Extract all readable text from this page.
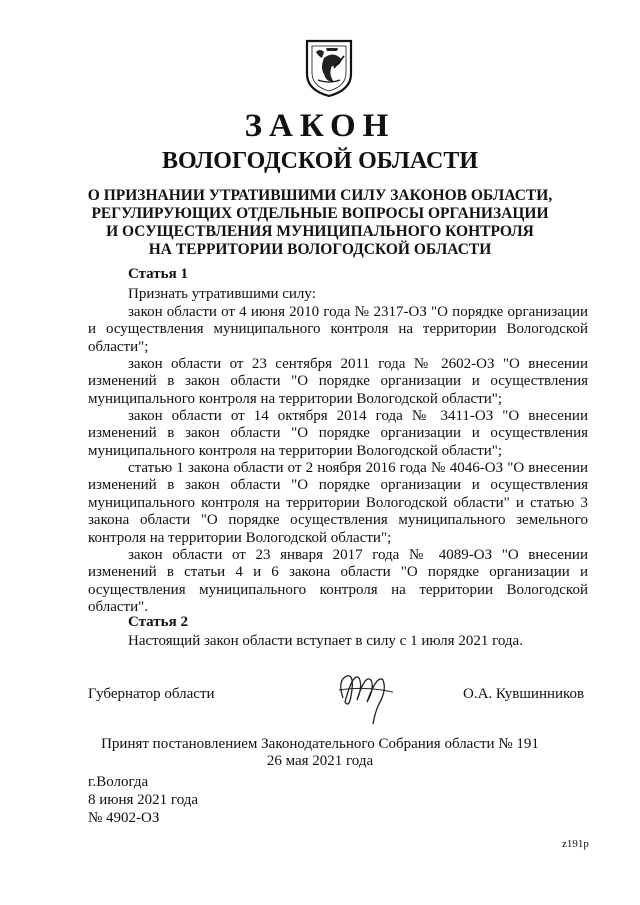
ЗАКОН
ВОЛОГОДСКОЙ ОБЛАСТИ
О ПРИЗНАНИИ УТРАТИВШИМИ СИЛУ ЗАКОНОВ ОБЛАСТИ,
РЕГУЛИРУЮЩИХ ОТДЕЛЬНЫЕ ВОПРОСЫ ОРГАНИЗАЦИИ
И ОСУЩЕСТВЛЕНИЯ МУНИЦИПАЛЬНОГО КОНТРОЛЯ
НА ТЕРРИТОРИИ ВОЛОГОДСКОЙ ОБЛАСТИ
Статья 1
Признать утратившими силу:
закон области от 4 июня 2010 года № 2317-ОЗ "О порядке организации и осуществления муниципального контроля на территории Вологодской области";
закон области от 23 сентября 2011 года № 2602-ОЗ "О внесении изменений в закон области "О порядке организации и осуществления муниципального контроля на территории Вологодской области";
закон области от 14 октября 2014 года № 3411-ОЗ "О внесении изменений в закон области "О порядке организации и осуществления муниципального контроля на территории Вологодской области";
статью 1 закона области от 2 ноября 2016 года № 4046-ОЗ "О внесении изменений в закон области "О порядке организации и осуществления муниципального контроля на территории Вологодской области" и статью 3 закона области "О порядке осуществления муниципального земельного контроля на территории Вологодской области";
закон области от 23 января 2017 года № 4089-ОЗ "О внесении изменений в статьи 4 и 6 закона области "О порядке организации и осуществления муниципального контроля на территории Вологодской области".
Статья 2
Настоящий закон области вступает в силу с 1 июля 2021 года.
Губернатор области	О.А. Кувшинников
Принят постановлением Законодательного Собрания области № 191
26 мая 2021 года
г.Вологда
8 июня 2021 года
№ 4902-ОЗ
z191p
